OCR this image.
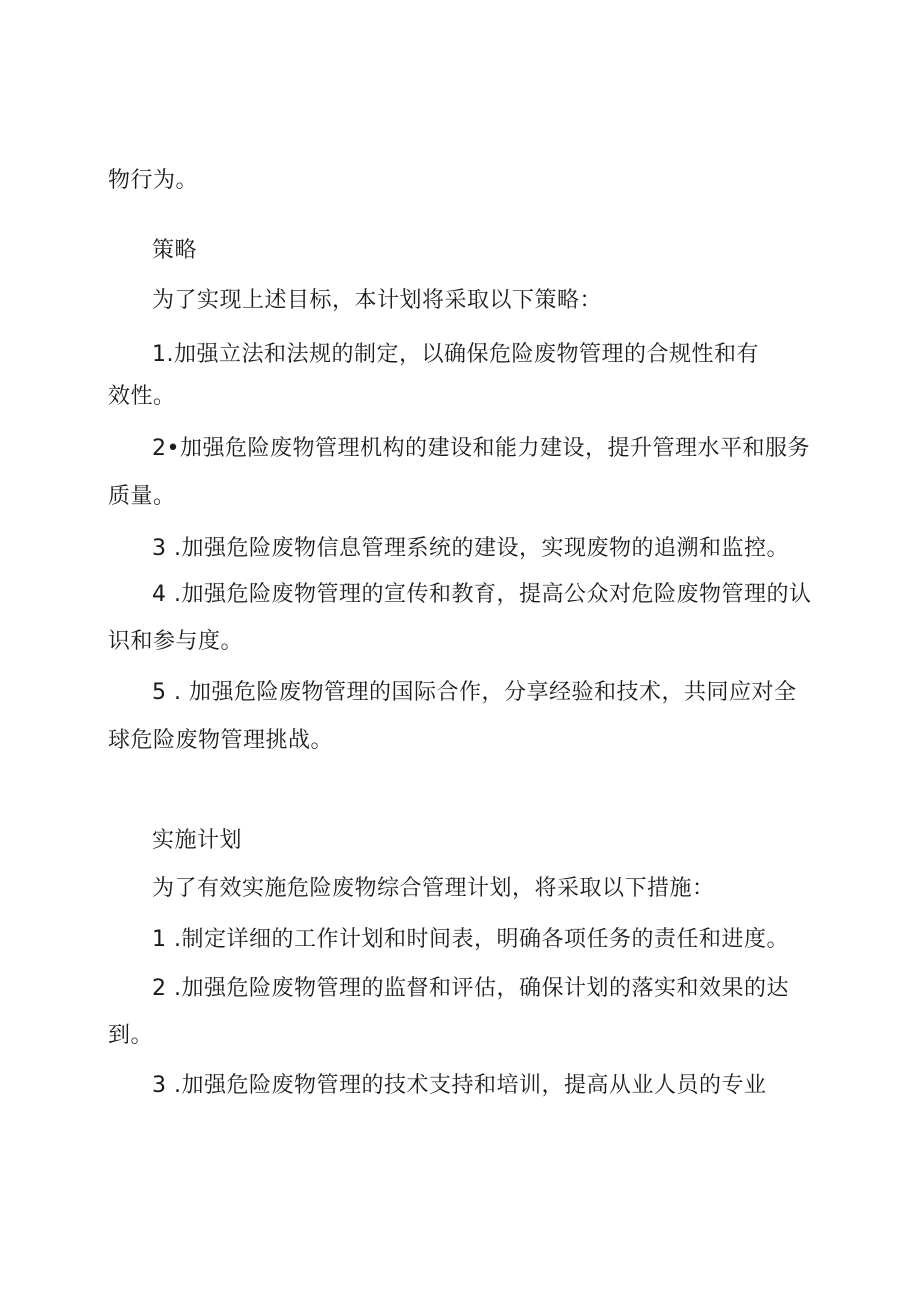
物行为。
策略
为了实现上述目标，本计划将采取以下策略：
1.加强立法和法规的制定，以确保危险废物管理的合规性和有
效性。
2•加强危险废物管理机构的建设和能力建设，提升管理水平和服务
质量。
3 .加强危险废物信息管理系统的建设，实现废物的追溯和监控。
4 .加强危险废物管理的宣传和教育，提高公众对危险废物管理的认
识和参与度。
5 . 加强危险废物管理的国际合作，分享经验和技术，共同应对全
球危险废物管理挑战。
实施计划
为了有效实施危险废物综合管理计划，将采取以下措施：
1 .制定详细的工作计划和时间表，明确各项任务的责任和进度。
2 .加强危险废物管理的监督和评估，确保计划的落实和效果的达
到。
3 .加强危险废物管理的技术支持和培训，提高从业人员的专业
